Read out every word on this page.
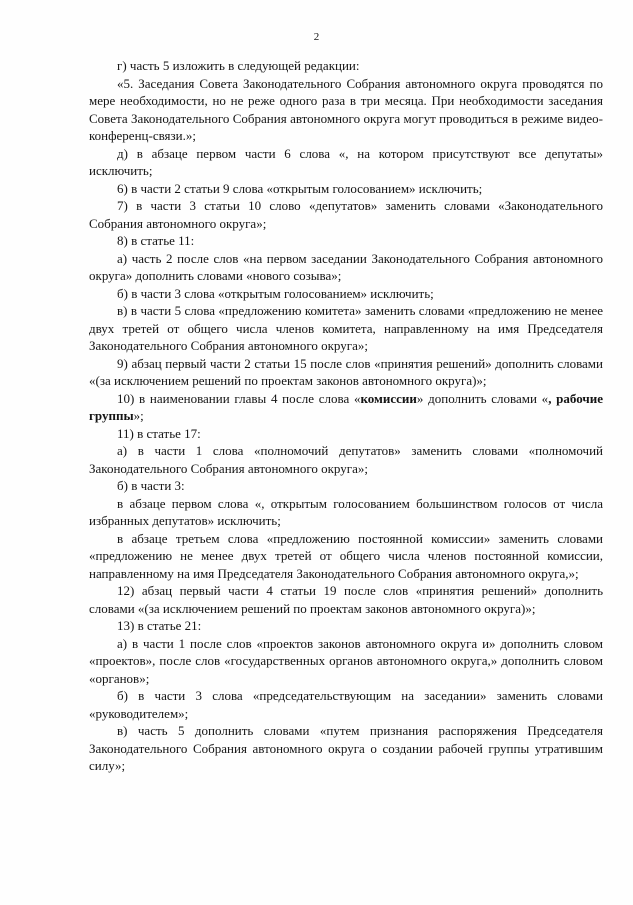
2

г) часть 5 изложить в следующей редакции:

«5. Заседания Совета Законодательного Собрания автономного округа проводятся по мере необходимости, но не реже одного раза в три месяца. При необходимости заседания Совета Законодательного Собрания автономного округа могут проводиться в режиме видео-конференц-связи.»;

д) в абзаце первом части 6 слова «, на котором присутствуют все депутаты» исключить;

6) в части 2 статьи 9 слова «открытым голосованием» исключить;

7) в части 3 статьи 10 слово «депутатов» заменить словами «Законодательного Собрания автономного округа»;

8) в статье 11:

а) часть 2 после слов «на первом заседании Законодательного Собрания автономного округа» дополнить словами «нового созыва»;

б) в части 3 слова «открытым голосованием» исключить;

в) в части 5 слова «предложению комитета» заменить словами «предложению не менее двух третей от общего числа членов комитета, направленному на имя Председателя Законодательного Собрания автономного округа»;

9) абзац первый части 2 статьи 15 после слов «принятия решений» дополнить словами «(за исключением решений по проектам законов автономного округа)»;

10) в наименовании главы 4 после слова «комиссии» дополнить словами «, рабочие группы»;

11) в статье 17:

а) в части 1 слова «полномочий депутатов» заменить словами «полномочий Законодательного Собрания автономного округа»;

б) в части 3:

в абзаце первом слова «, открытым голосованием большинством голосов от числа избранных депутатов» исключить;

в абзаце третьем слова «предложению постоянной комиссии» заменить словами «предложению не менее двух третей от общего числа членов постоянной комиссии, направленному на имя Председателя Законодательного Собрания автономного округа,»;

12) абзац первый части 4 статьи 19 после слов «принятия решений» дополнить словами «(за исключением решений по проектам законов автономного округа)»;

13) в статье 21:

а) в части 1 после слов «проектов законов автономного округа и» дополнить словом «проектов», после слов «государственных органов автономного округа,» дополнить словом «органов»;

б) в части 3 слова «председательствующим на заседании» заменить словами «руководителем»;

в) часть 5 дополнить словами «путем признания распоряжения Председателя Законодательного Собрания автономного округа о создании рабочей группы утратившим силу»;
